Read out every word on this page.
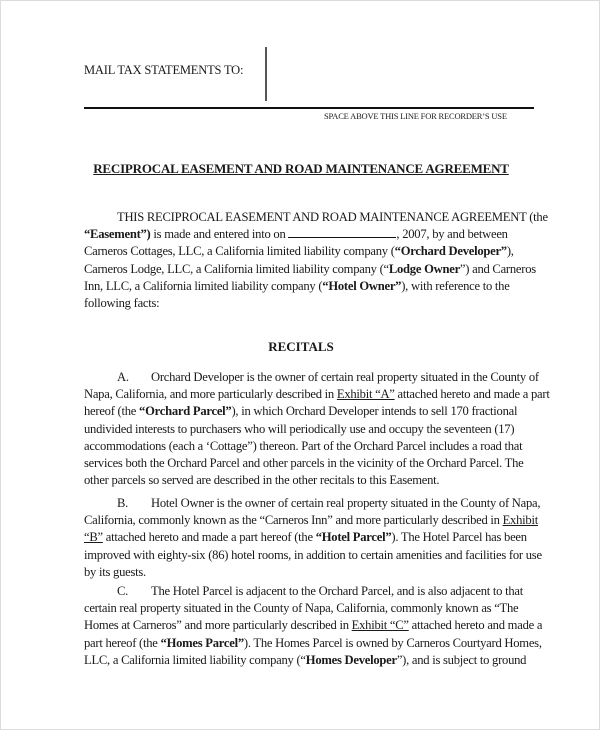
MAIL TAX STATEMENTS TO:
SPACE ABOVE THIS LINE FOR RECORDER’S USE
RECIPROCAL EASEMENT AND ROAD MAINTENANCE AGREEMENT
THIS RECIPROCAL EASEMENT AND ROAD MAINTENANCE AGREEMENT (the
“Easement”) is made and entered into on	, 2007, by and between
Carneros Cottages, LLC, a California limited liability company (“Orchard Developer”),
Carneros Lodge, LLC, a California limited liability company (“Lodge Owner”) and Carneros
Inn, LLC, a California limited liability company (“Hotel Owner”), with reference to the
following facts:
RECITALS
A. Orchard Developer is the owner of certain real property situated in the County of
Napa, California, and more particularly described in Exhibit “A” attached hereto and made a part
hereof (the “Orchard Parcel”), in which Orchard Developer intends to sell 170 fractional
undivided interests to purchasers who will periodically use and occupy the seventeen (17)
accommodations (each a ‘Cottage”) thereon. Part of the Orchard Parcel includes a road that
services both the Orchard Parcel and other parcels in the vicinity of the Orchard Parcel. The
other parcels so served are described in the other recitals to this Easement.
B. Hotel Owner is the owner of certain real property situated in the County of Napa,
California, commonly known as the “Carneros Inn” and more particularly described in Exhibit
“B” attached hereto and made a part hereof (the “Hotel Parcel”). The Hotel Parcel has been
improved with eighty-six (86) hotel rooms, in addition to certain amenities and facilities for use
by its guests.
C. The Hotel Parcel is adjacent to the Orchard Parcel, and is also adjacent to that
certain real property situated in the County of Napa, California, commonly known as “The
Homes at Carneros” and more particularly described in Exhibit “C” attached hereto and made a
part hereof (the “Homes Parcel”). The Homes Parcel is owned by Carneros Courtyard Homes,
LLC, a California limited liability company (“Homes Developer”), and is subject to ground
